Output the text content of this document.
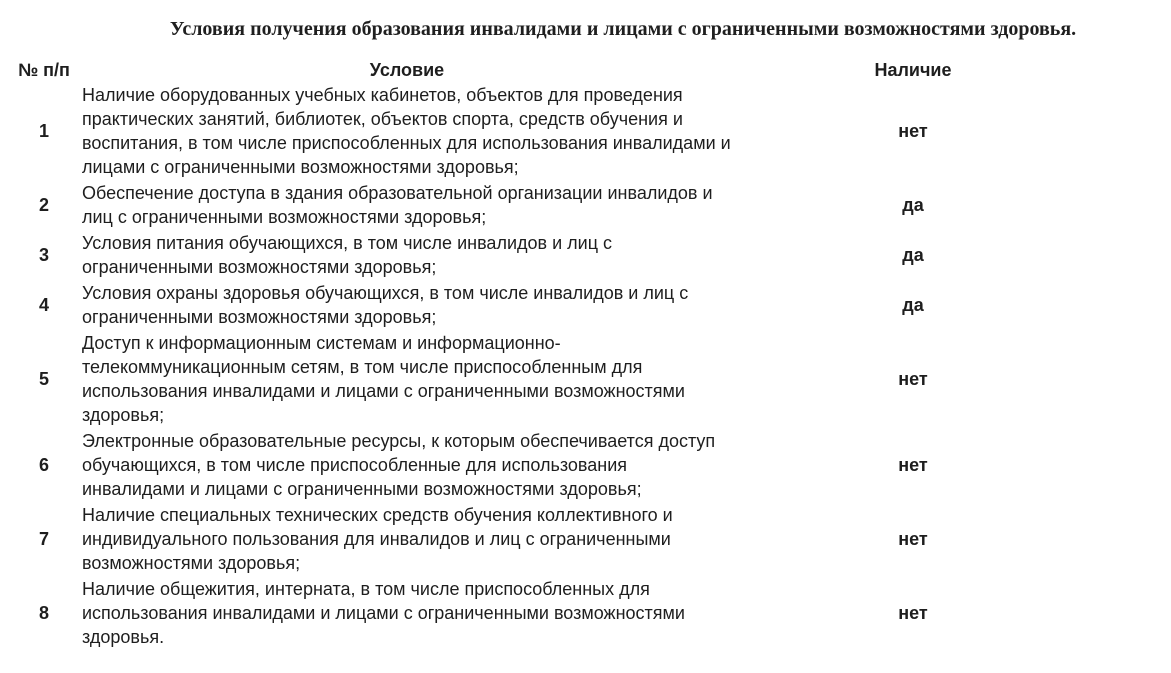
Условия получения образования инвалидами и лицами с ограниченными возможностями здоровья.
№ п/п	Условие	Наличие
1	Наличие оборудованных учебных кабинетов, объектов для проведения практических занятий, библиотек, объектов спорта, средств обучения и воспитания, в том числе приспособленных для использования инвалидами и лицами с ограниченными возможностями здоровья;	нет
2	Обеспечение доступа в здания образовательной организации инвалидов и лиц с ограниченными возможностями здоровья;	да
3	Условия питания обучающихся, в том числе инвалидов и лиц с ограниченными возможностями здоровья;	да
4	Условия охраны здоровья обучающихся, в том числе инвалидов и лиц с ограниченными возможностями здоровья;	да
5	Доступ к информационным системам и информационно-телекоммуникационным сетям, в том числе приспособленным для использования инвалидами и лицами с ограниченными возможностями здоровья;	нет
6	Электронные образовательные ресурсы, к которым обеспечивается доступ обучающихся, в том числе приспособленные для использования инвалидами и лицами с ограниченными возможностями здоровья;	нет
7	Наличие специальных технических средств обучения коллективного и индивидуального пользования для инвалидов и лиц с ограниченными возможностями здоровья;	нет
8	Наличие общежития, интерната, в том числе приспособленных для использования инвалидами и лицами с ограниченными возможностями здоровья.	нет
